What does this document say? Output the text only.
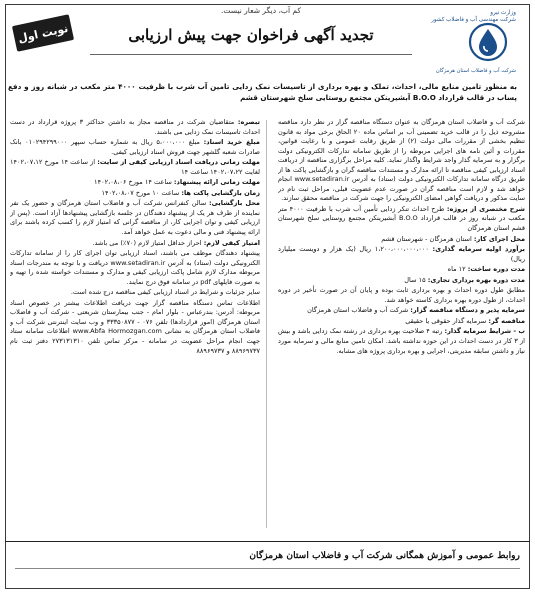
وزارت نیرو
شرکت مهندسی آب و فاضلاب کشور
شرکت آب و فاضلاب استان هرمزگان
کم آب، دیگر شعار نیست.
نوبت اول	تجدید آگهی فراخوان جهت پیش ارزیابی
به منظور تامین منابع مالی، احداث، تملک و بهره برداری از تاسیسات نمک زدایی تامین آب شرب با ظرفیت ۴۰۰۰ متر مکعب در شبانه روز و دفع پساب در قالب قرارداد B.O.O آبشیرینکن مجتمع روستایی سلخ شهرستان قشم

شرکت آب و فاضلاب استان هرمزگان به عنوان دستگاه مناقصه گزار در نظر دارد مناقصه مشروحه ذیل را در قالب خرید تضمینی آب بر اساس ماده ۲۰ الحاق برخی مواد به قانون تنظیم بخشی از مقررات مالی دولت (۲) از طریق رقابت عمومی و با رعایت قوانین، مقررات و آئین نامه های اجرایی مربوطه را از طریق سامانه تدارکات الکترونیکی دولت برگزار و به سرمایه گذار واجد شرایط واگذار نماید. کلیه مراحل برگزاری مناقصه از دریافت اسناد ارزیابی کیفی مناقصه تا ارائه مدارک و مستندات مناقصه گران و بازگشایی پاکت ها از طریق درگاه سامانه تدارکات الکترونیکی دولت (ستاد) به آدرس www.setadiran.ir انجام خواهد شد و لازم است مناقصه گران در صورت عدم عضویت قبلی، مراحل ثبت نام در سایت مذکور و دریافت گواهی امضای الکترونیکی را جهت شرکت در مناقصه محقق سازند.

شرح مختصری از پروژه: طرح احداث تنکر زدایی تأمین آب شرب با ظرفیت ۴۰۰۰ متر مکعب در شبانه روز در قالب قرارداد B.O.O آبشیرینکن مجتمع روستایی سلخ شهرستان قشم استان هرمزگان

محل اجرای کار: استان هرمزگان - شهرستان قشم

برآورد اولیه سرمایه گذاری: ۱،۲۰۰،۰۰۰،۰۰۰،۰۰۰ ریال (یک هزار و دویست میلیارد ریال)

مدت دوره ساخت: ۱۲ ماه

مدت دوره بهره برداری تجاری: ۱۵ سال

مطابق طول دوره احداث و بهره برداری ثابت بوده و پایان آن در صورت تأخیر در دوره احداث، از طول دوره بهره برداری کاسته خواهد شد.

سرمایه پذیر و دستگاه مناقصه گزار: شرکت آب و فاضلاب استان هرمزگان

مناقصه گر: سرمایه گذار حقوقی یا حقیقی

ب - شرایط سرمایه گذار: رتبه ۴ صلاحیت بهره برداری در رشته نمک زدایی باشد و بیش از ۳ کار در دست احداث در این حوزه نداشته باشد. امکان تامین منابع مالی و سرمایه مورد نیاز و داشتن سابقه مدیریتی، اجرایی و بهره برداری پروژه های مشابه.

تبصره: متقاضیان شرکت در مناقصه مجاز به داشتن حداکثر ۳ پروژه قرارداد در دست احداث تاسیسات نمک زدایی می باشند.

مبلغ خرید اسناد: مبلغ ۵،۰۰۰،۰۰۰ ریال به شماره حساب سپهر ۰۱۰۲۹۴۲۹۹۰۰۰ بانک صادرات شعبه گلشهر جهت فروش اسناد ارزیابی کیفی.

مهلت زمانی دریافت اسناد ارزیابی کیفی از سایت: از ساعت ۱۴ مورخ ۱۴۰۲،۰۷،۱۲ لغایت ۱۴۰۲،۰۷،۲۲ ساعت ۱۴

مهلت زمانی ارائه پیشنهاد: ساعت ۱۴ مورخ ۱۴۰۲،۰۸،۰۶

زمان بازگشایی پاکت ها: ساعت ۱۰ مورخ ۱۴۰۲،۰۸،۰۷

محل بازگشایی: سالن کنفرانس شرکت آب و فاضلاب استان هرمزگان و حضور یک نفر نماینده از طرف هر یک از پیشنهاد دهندگان در جلسه بازگشایی پیشنهادها آزاد است. (پس از ارزیابی کیفی و توان اجرایی کار، از مناقصه گرانی که امتیاز لازم را کسب کرده باشند برای ارائه پیشنهاد فنی و مالی دعوت به عمل خواهد آمد.

امتیاز کیفی لازم: احراز حداقل امتیاز لازم (۷۰٪) می باشد.

پیشنهاد دهندگان موظف می باشند، اسناد ارزیابی توان اجرای کار را از سامانه تدارکات الکترونیکی دولت (ستاد) به آدرس www.setadiran.ir دریافت و با توجه به مندرجات اسناد مربوطه مدارک لازم شامل پاکت ارزیابی کیفی و مدارک و مستندات خواسته شده را تهیه و به صورت فایلهای pdf در سامانه فوق درج نمایند.

سایر جزئیات و شرایط در اسناد ارزیابی کیفی مناقصه درج شده است.

اطلاعات تماس دستگاه مناقصه گزار جهت دریافت اطلاعات بیشتر در خصوص اسناد مربوطه: آدرس: بندرعباس - بلوار امام - جنب بیمارستان شریعتی - شرکت آب و فاضلاب استان هرمزگان (امور قراردادها) تلفن ۰۷۶ - ۳۳۳۵۰۸۷۷ و وب سایت اینترنتی شرکت آب و فاضلاب استان هرمزگان به نشانی www.Abfa Hormozgan.com اطلاعات سامانه ستاد جهت انجام مراحل عضویت در سامانه - مرکز تماس تلفن ۲۷۳۱۳۱۳۱۰ دفتر ثبت نام ۸۸۹۶۹۷۳۷ و ۸۸۹۶۹۷۳۷

روابط عمومی و آموزش همگانی شرکت آب و فاضلاب استان هرمزگان
